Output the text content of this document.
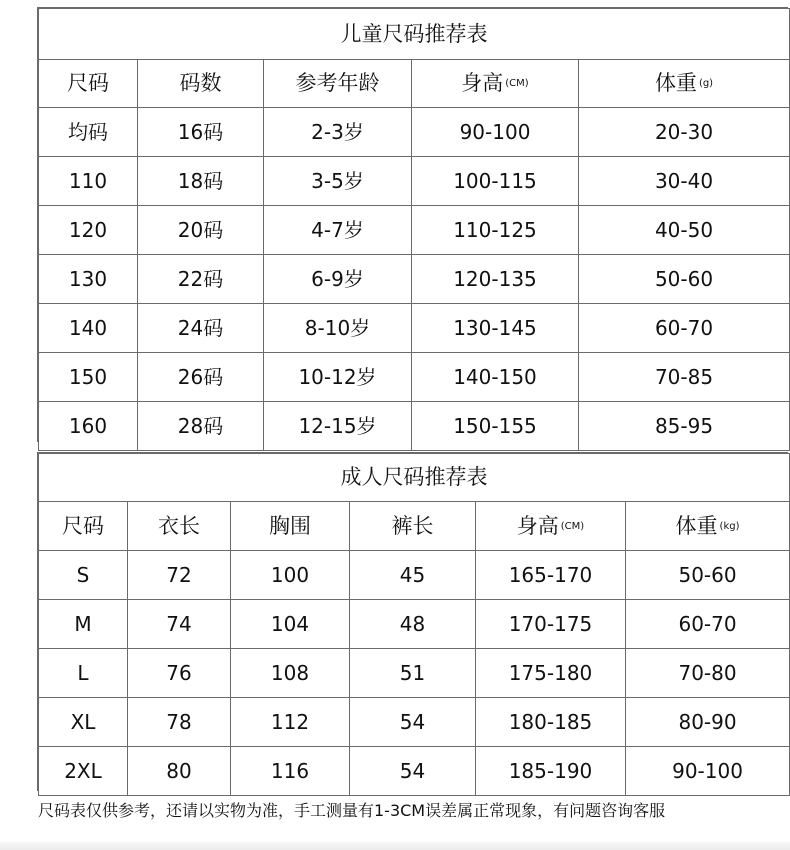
儿童尺码推荐表				
尺码	码数	参考年龄	身高 (CM)	体重 (g)
均码	16码	2-3岁	90-100	20-30
110	18码	3-5岁	100-115	30-40
120	20码	4-7岁	110-125	40-50
130	22码	6-9岁	120-135	50-60
140	24码	8-10岁	130-145	60-70
150	26码	10-12岁	140-150	70-85
160	28码	12-15岁	150-155	85-95
成人尺码推荐表					
尺码	衣长	胸围	裤长	身高 (CM)	体重 (kg)
S	72	100	45	165-170	50-60
M	74	104	48	170-175	60-70
L	76	108	51	175-180	70-80
XL	78	112	54	180-185	80-90
2XL	80	116	54	185-190	90-100
尺码表仅供参考，还请以实物为准，手工测量有1-3CM误差属正常现象，有问题咨询客服
